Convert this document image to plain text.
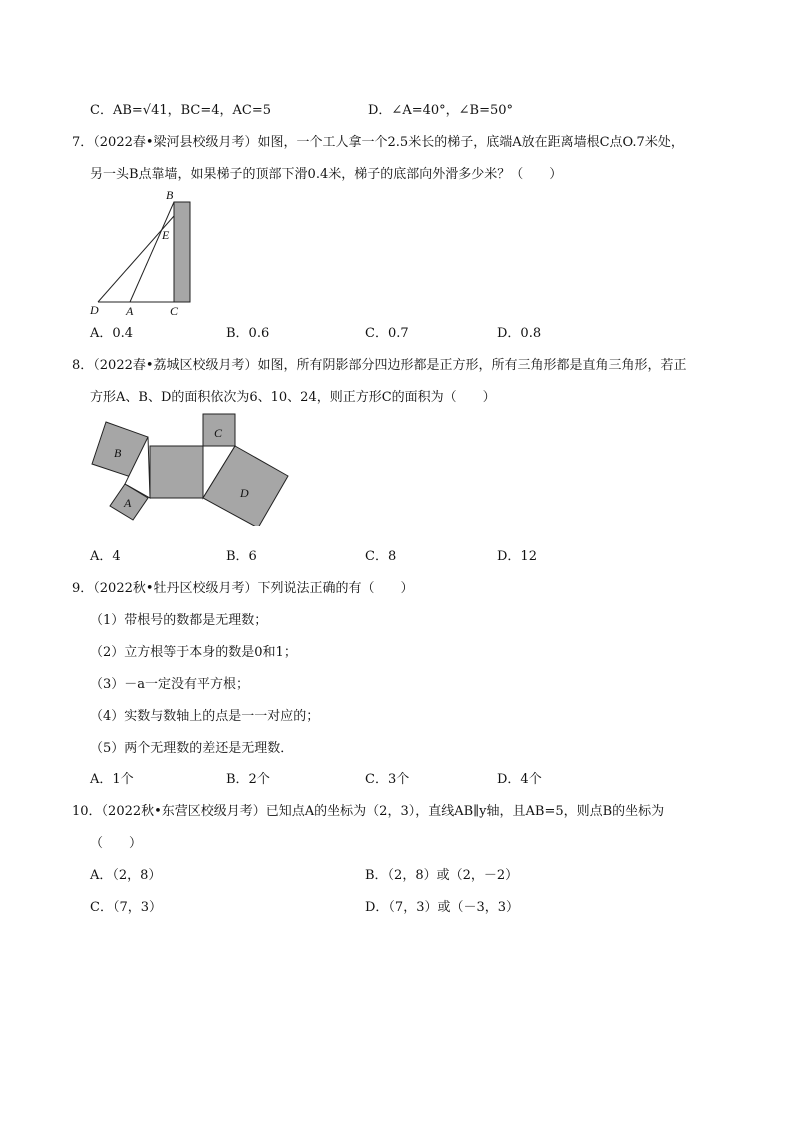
C．AB=√41，BC=4，AC=5	D．∠A=40°，∠B=50°
7．（2022春•梁河县校级月考）如图，一个工人拿一个2.5米长的梯子，底端A放在距离墙根C点O.7米处，
另一头B点靠墙，如果梯子的顶部下滑0.4米，梯子的底部向外滑多少米？（　　）
B
E
D A	C
A．0.4	B．0.6	C．0.7	D．0.8
8．（2022春•荔城区校级月考）如图，所有阴影部分四边形都是正方形，所有三角形都是直角三角形，若正
方形A、B、D的面积依次为6、10、24，则正方形C的面积为（　　）
B
C
D
A
A．4	B．6	C．8	D．12
9．（2022秋•牡丹区校级月考）下列说法正确的有（　　）
（1）带根号的数都是无理数；
（2）立方根等于本身的数是0和1；
（3）－a一定没有平方根；
（4）实数与数轴上的点是一一对应的；
（5）两个无理数的差还是无理数．
A．1个	B．2个	C．3个	D．4个
10．（2022秋•东营区校级月考）已知点A的坐标为（2，3），直线AB∥y轴，且AB=5，则点B的坐标为
（　　）
A．（2，8）	B．（2，8）或（2，－2）
C．（7，3）	D．（7，3）或（－3，3）
